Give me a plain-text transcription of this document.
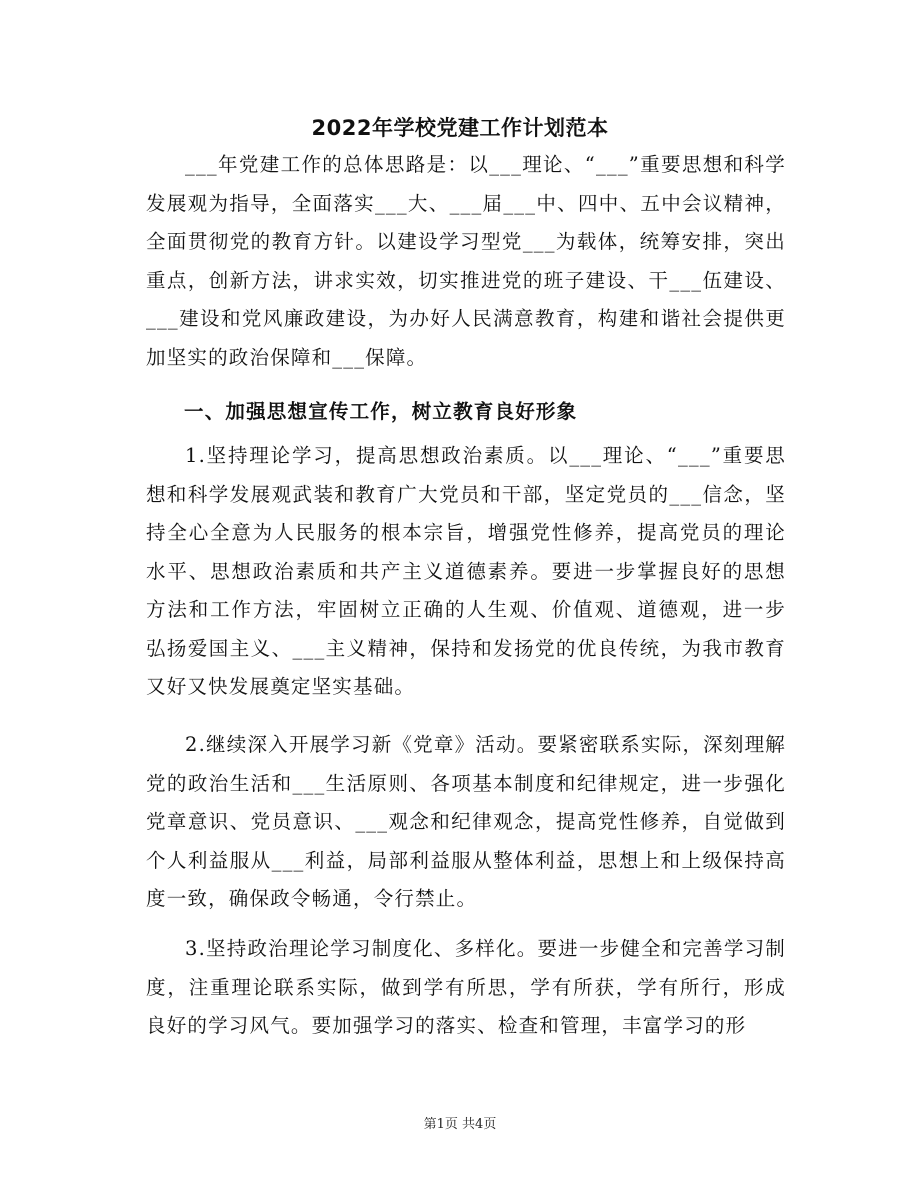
2022年学校党建工作计划范本
___年党建工作的总体思路是：以___理论、“___”重要思想和科学发展观为指导，全面落实___大、___届___中、四中、五中会议精神，全面贯彻党的教育方针。以建设学习型党___为载体，统筹安排，突出重点，创新方法，讲求实效，切实推进党的班子建设、干___伍建设、___建设和党风廉政建设，为办好人民满意教育，构建和谐社会提供更加坚实的政治保障和___保障。
一、加强思想宣传工作，树立教育良好形象
1.坚持理论学习，提高思想政治素质。以___理论、“___”重要思想和科学发展观武装和教育广大党员和干部，坚定党员的___信念，坚持全心全意为人民服务的根本宗旨，增强党性修养，提高党员的理论水平、思想政治素质和共产主义道德素养。要进一步掌握良好的思想方法和工作方法，牢固树立正确的人生观、价值观、道德观，进一步弘扬爱国主义、___主义精神，保持和发扬党的优良传统，为我市教育又好又快发展奠定坚实基础。
2.继续深入开展学习新《党章》活动。要紧密联系实际，深刻理解党的政治生活和___生活原则、各项基本制度和纪律规定，进一步强化党章意识、党员意识、___观念和纪律观念，提高党性修养，自觉做到个人利益服从___利益，局部利益服从整体利益，思想上和上级保持高度一致，确保政令畅通，令行禁止。
3.坚持政治理论学习制度化、多样化。要进一步健全和完善学习制度，注重理论联系实际，做到学有所思，学有所获，学有所行，形成良好的学习风气。要加强学习的落实、检查和管理，丰富学习的形
第1页 共4页
